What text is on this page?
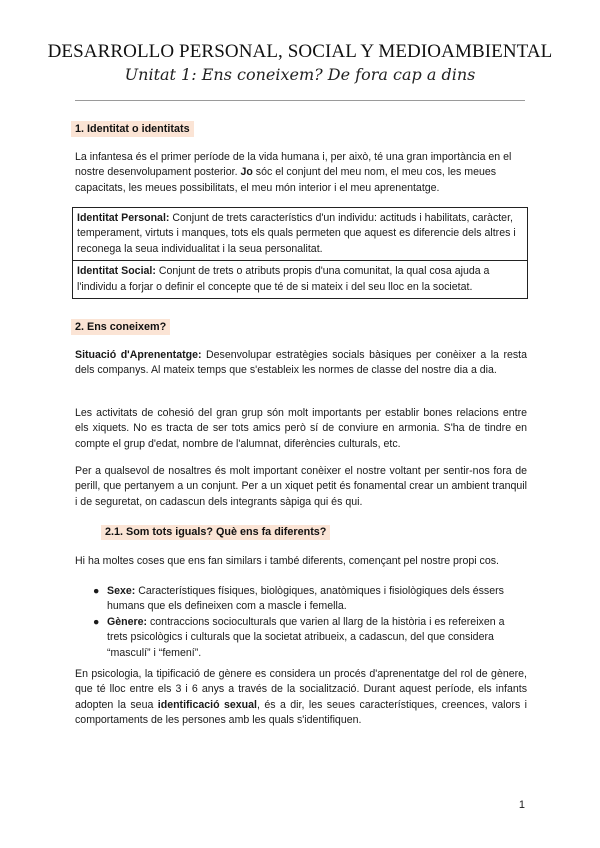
DESARROLLO PERSONAL, SOCIAL Y MEDIOAMBIENTAL
Unitat 1: Ens coneixem? De fora cap a dins
1. Identitat o identitats
La infantesa és el primer període de la vida humana i, per això, té una gran importància en el nostre desenvolupament posterior. Jo sóc el conjunt del meu nom, el meu cos, les meues capacitats, les meues possibilitats, el meu món interior i el meu aprenentatge.
Identitat Personal: Conjunt de trets característics d'un individu: actituds i habilitats, caràcter, temperament, virtuts i manques, tots els quals permeten que aquest es diferencie dels altres i reconega la seua individualitat i la seua personalitat.
Identitat Social: Conjunt de trets o atributs propis d'una comunitat, la qual cosa ajuda a l'individu a forjar o definir el concepte que té de si mateix i del seu lloc en la societat.
2. Ens coneixem?
Situació d'Aprenentatge: Desenvolupar estratègies socials bàsiques per conèixer a la resta dels companys. Al mateix temps que s'estableix les normes de classe del nostre dia a dia.
Les activitats de cohesió del gran grup són molt importants per establir bones relacions entre els xiquets. No es tracta de ser tots amics però sí de conviure en armonia. S'ha de tindre en compte el grup d'edat, nombre de l'alumnat, diferències culturals, etc.
Per a qualsevol de nosaltres és molt important conèixer el nostre voltant per sentir-nos fora de perill, que pertanyem a un conjunt. Per a un xiquet petit és fonamental crear un ambient tranquil i de seguretat, on cadascun dels integrants sàpiga qui és qui.
2.1. Som tots iguals? Què ens fa diferents?
Hi ha moltes coses que ens fan similars i també diferents, començant pel nostre propi cos.
● Sexe: Característiques físiques, biològiques, anatòmiques i fisiològiques dels éssers humans que els defineixen com a mascle i femella.
● Gènere: contraccions socioculturals que varien al llarg de la història i es refereixen a trets psicològics i culturals que la societat atribueix, a cadascun, del que considera “masculí” i “femení”.
En psicologia, la tipificació de gènere es considera un procés d'aprenentatge del rol de gènere, que té lloc entre els 3 i 6 anys a través de la socialització. Durant aquest període, els infants adopten la seua identificació sexual, és a dir, les seues característiques, creences, valors i comportaments de les persones amb les quals s'identifiquen.
1
